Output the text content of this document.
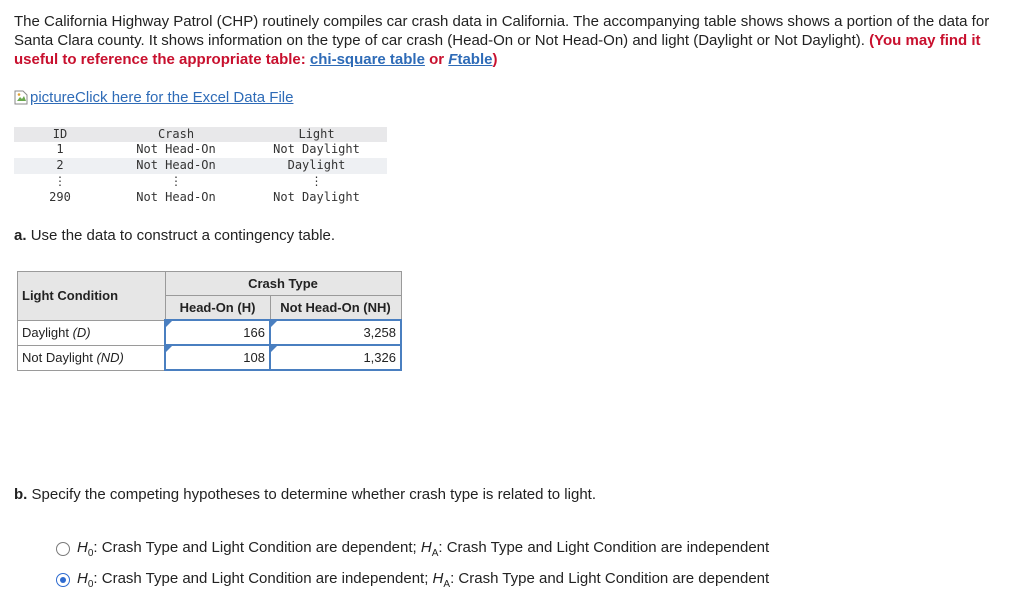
The California Highway Patrol (CHP) routinely compiles car crash data in California. The accompanying table shows shows a portion of the data for Santa Clara county. It shows information on the type of car crash (Head-On or Not Head-On) and light (Daylight or Not Daylight). (You may find it useful to reference the appropriate table: chi-square table or Ftable)
picture Click here for the Excel Data File
ID	Crash	Light
1	Not Head-On	Not Daylight
2	Not Head-On	Daylight
⋮	⋮	⋮
290	Not Head-On	Not Daylight
a. Use the data to construct a contingency table.
Light Condition	Crash Type	
	Head-On (H)	Not Head-On (NH)
Daylight (D)	166	3,258
Not Daylight (ND)	108	1,326
b. Specify the competing hypotheses to determine whether crash type is related to light.
$H_0$: Crash Type and Light Condition are dependent; $H_A$: Crash Type and Light Condition are independent
$H_0$: Crash Type and Light Condition are independent; $H_A$: Crash Type and Light Condition are dependent
